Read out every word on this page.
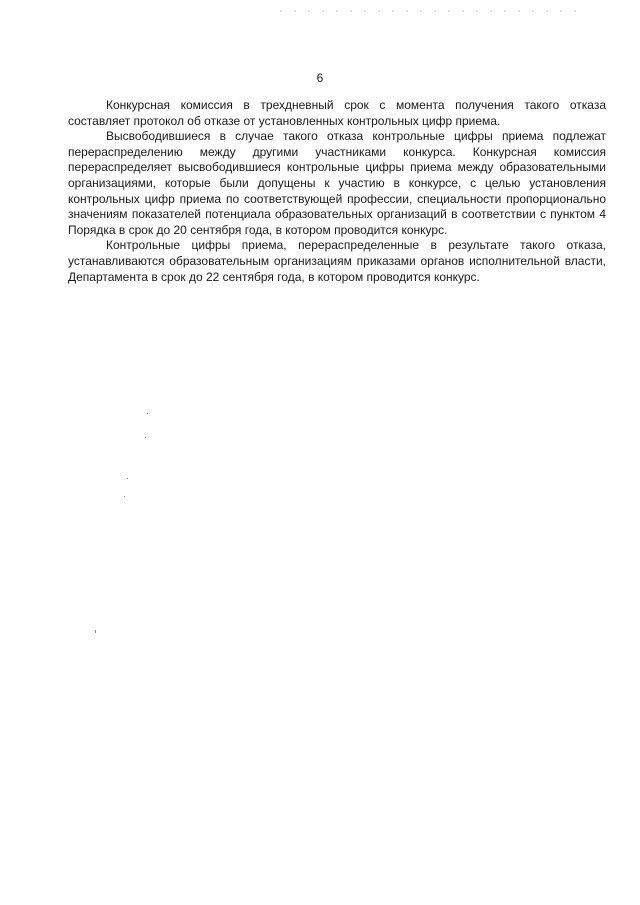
6

Конкурсная комиссия в трехдневный срок с момента получения такого отказа составляет протокол об отказе от установленных контрольных цифр приема.

Высвободившиеся в случае такого отказа контрольные цифры приема подлежат перераспределению между другими участниками конкурса. Конкурсная комиссия перераспределяет высвободившиеся контрольные цифры приема между образовательными организациями, которые были допущены к участию в конкурсе, с целью установления контрольных цифр приема по соответствующей профессии, специальности пропорционально значениям показателей потенциала образовательных организаций в соответствии с пунктом 4 Порядка в срок до 20 сентября года, в котором проводится конкурс.

Контрольные цифры приема, перераспределенные в результате такого отказа, устанавливаются образовательным организациям приказами органов исполнительной власти, Департамента в срок до 22 сентября года, в котором проводится конкурс.
